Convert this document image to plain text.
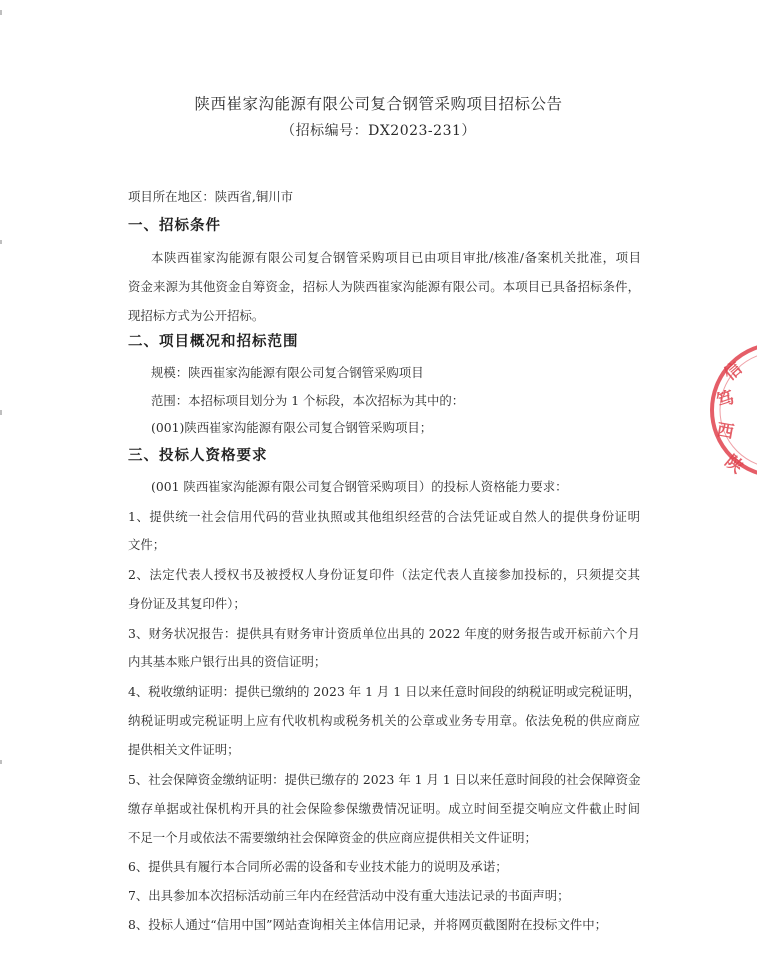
陕西崔家沟能源有限公司复合钢管采购项目招标公告
（招标编号：DX2023-231）
项目所在地区：陕西省,铜川市
一、招标条件
本陕西崔家沟能源有限公司复合钢管采购项目已由项目审批/核准/备案机关批准，项目
资金来源为其他资金自筹资金，招标人为陕西崔家沟能源有限公司。本项目已具备招标条件，
现招标方式为公开招标。
二、项目概况和招标范围
规模：陕西崔家沟能源有限公司复合钢管采购项目
范围：本招标项目划分为 1 个标段，本次招标为其中的：
(001)陕西崔家沟能源有限公司复合钢管采购项目；
三、投标人资格要求
(001 陕西崔家沟能源有限公司复合钢管采购项目）的投标人资格能力要求：
1、提供统一社会信用代码的营业执照或其他组织经营的合法凭证或自然人的提供身份证明
文件；
2、法定代表人授权书及被授权人身份证复印件（法定代表人直接参加投标的，只须提交其
身份证及其复印件）；
3、财务状况报告：提供具有财务审计资质单位出具的 2022 年度的财务报告或开标前六个月
内其基本账户银行出具的资信证明；
4、税收缴纳证明：提供已缴纳的 2023 年 1 月 1 日以来任意时间段的纳税证明或完税证明，
纳税证明或完税证明上应有代收机构或税务机关的公章或业务专用章。依法免税的供应商应
提供相关文件证明；
5、社会保障资金缴纳证明：提供已缴存的 2023 年 1 月 1 日以来任意时间段的社会保障资金
缴存单据或社保机构开具的社会保险参保缴费情况证明。成立时间至提交响应文件截止时间
不足一个月或依法不需要缴纳社会保障资金的供应商应提供相关文件证明；
6、提供具有履行本合同所必需的设备和专业技术能力的说明及承诺；
7、出具参加本次招标活动前三年内在经营活动中没有重大违法记录的书面声明；
8、投标人通过“信用中国”网站查询相关主体信用记录，并将网页截图附在投标文件中；
陕
西
笃
信
